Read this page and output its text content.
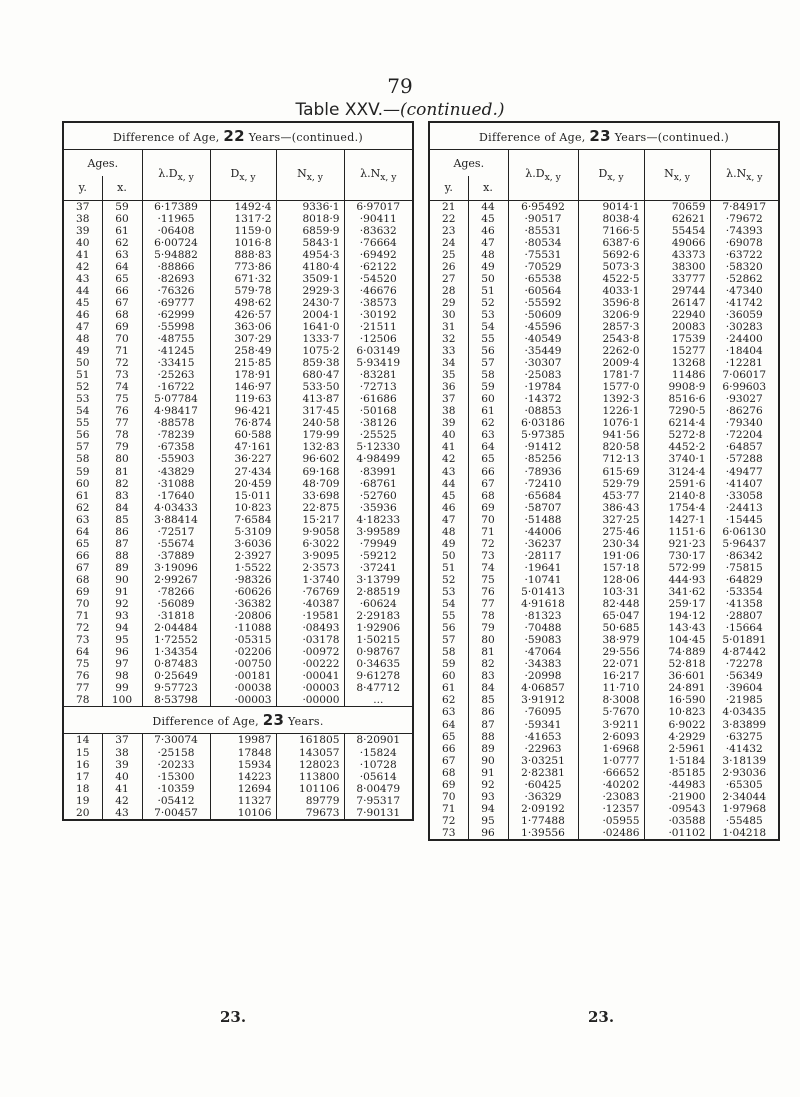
79
Table XXV.—(continued.)
Difference of Age, 22 Years—(continued.)
Ages.		$\lambda.D_{x, y}$	$D_{x, y}$	$N_{x, y}$	$\lambda.N_{x, y}$
y.	x.				
37	59	6·17389	1492·4	9336·1	6·97017
38	60	·11965	1317·2	8018·9	·90411
39	61	·06408	1159·0	6859·9	·83632
40	62	6·00724	1016·8	5843·1	·76664
41	63	5·94882	888·83	4954·3	·69492
42	64	·88866	773·86	4180·4	·62122
43	65	·82693	671·32	3509·1	·54520
44	66	·76326	579·78	2929·3	·46676
45	67	·69777	498·62	2430·7	·38573
46	68	·62999	426·57	2004·1	·30192
47	69	·55998	363·06	1641·0	·21511
48	70	·48755	307·29	1333·7	·12506
49	71	·41245	258·49	1075·2	6·03149
50	72	·33415	215·85	859·38	5·93419
51	73	·25263	178·91	680·47	·83281
52	74	·16722	146·97	533·50	·72713
53	75	5·07784	119·63	413·87	·61686
54	76	4·98417	96·421	317·45	·50168
55	77	·88578	76·874	240·58	·38126
56	78	·78239	60·588	179·99	·25525
57	79	·67358	47·161	132·83	5·12330
58	80	·55903	36·227	96·602	4·98499
59	81	·43829	27·434	69·168	·83991
60	82	·31088	20·459	48·709	·68761
61	83	·17640	15·011	33·698	·52760
62	84	4·03433	10·823	22·875	·35936
63	85	3·88414	7·6584	15·217	4·18233
64	86	·72517	5·3109	9·9058	3·99589
65	87	·55674	3·6036	6·3022	·79949
66	88	·37889	2·3927	3·9095	·59212
67	89	3·19096	1·5522	2·3573	·37241
68	90	2·99267	·98326	1·3740	3·13799
69	91	·78266	·60626	·76769	2·88519
70	92	·56089	·36382	·40387	·60624
71	93	·31818	·20806	·19581	2·29183
72	94	2·04484	·11088	·08493	1·92906
73	95	1·72552	·05315	·03178	1·50215
64	96	1·34354	·02206	·00972	0·98767
75	97	0·87483	·00750	·00222	0·34635
76	98	0·25649	·00181	·00041	9·61278
77	99	9·57723	·00038	·00003	8·47712
78	100	8·53798	·00003	·00000	...
Difference of Age, 23 Years.
14	37	7·30074	19987	161805	8·20901
15	38	·25158	17848	143057	·15824
16	39	·20233	15934	128023	·10728
17	40	·15300	14223	113800	·05614
18	41	·10359	12694	101106	8·00479
19	42	·05412	11327	89779	7·95317
20	43	7·00457	10106	79673	7·90131
Difference of Age, 23 Years—(continued.)
Ages.		$\lambda.D_{x, y}$	$D_{x, y}$	$N_{x, y}$	$\lambda.N_{x, y}$
y.	x.				
21	44	6·95492	9014·1	70659	7·84917
22	45	·90517	8038·4	62621	·79672
23	46	·85531	7166·5	55454	·74393
24	47	·80534	6387·6	49066	·69078
25	48	·75531	5692·6	43373	·63722
26	49	·70529	5073·3	38300	·58320
27	50	·65538	4522·5	33777	·52862
28	51	·60564	4033·1	29744	·47340
29	52	·55592	3596·8	26147	·41742
30	53	·50609	3206·9	22940	·36059
31	54	·45596	2857·3	20083	·30283
32	55	·40549	2543·8	17539	·24400
33	56	·35449	2262·0	15277	·18404
34	57	·30307	2009·4	13268	·12281
35	58	·25083	1781·7	11486	7·06017
36	59	·19784	1577·0	9908·9	6·99603
37	60	·14372	1392·3	8516·6	·93027
38	61	·08853	1226·1	7290·5	·86276
39	62	6·03186	1076·1	6214·4	·79340
40	63	5·97385	941·56	5272·8	·72204
41	64	·91412	820·58	4452·2	·64857
42	65	·85256	712·13	3740·1	·57288
43	66	·78936	615·69	3124·4	·49477
44	67	·72410	529·79	2591·6	·41407
45	68	·65684	453·77	2140·8	·33058
46	69	·58707	386·43	1754·4	·24413
47	70	·51488	327·25	1427·1	·15445
48	71	·44006	275·46	1151·6	6·06130
49	72	·36237	230·34	921·23	5·96437
50	73	·28117	191·06	730·17	·86342
51	74	·19641	157·18	572·99	·75815
52	75	·10741	128·06	444·93	·64829
53	76	5·01413	103·31	341·62	·53354
54	77	4·91618	82·448	259·17	·41358
55	78	·81323	65·047	194·12	·28807
56	79	·70488	50·685	143·43	·15664
57	80	·59083	38·979	104·45	5·01891
58	81	·47064	29·556	74·889	4·87442
59	82	·34383	22·071	52·818	·72278
60	83	·20998	16·217	36·601	·56349
61	84	4·06857	11·710	24·891	·39604
62	85	3·91912	8·3008	16·590	·21985
63	86	·76095	5·7670	10·823	4·03435
64	87	·59341	3·9211	6·9022	3·83899
65	88	·41653	2·6093	4·2929	·63275
66	89	·22963	1·6968	2·5961	·41432
67	90	3·03251	1·0777	1·5184	3·18139
68	91	2·82381	·66652	·85185	2·93036
69	92	·60425	·40202	·44983	·65305
70	93	·36329	·23083	·21900	2·34044
71	94	2·09192	·12357	·09543	1·97968
72	95	1·77488	·05955	·03588	·55485
73	96	1·39556	·02486	·01102	1·04218
23.	23.
